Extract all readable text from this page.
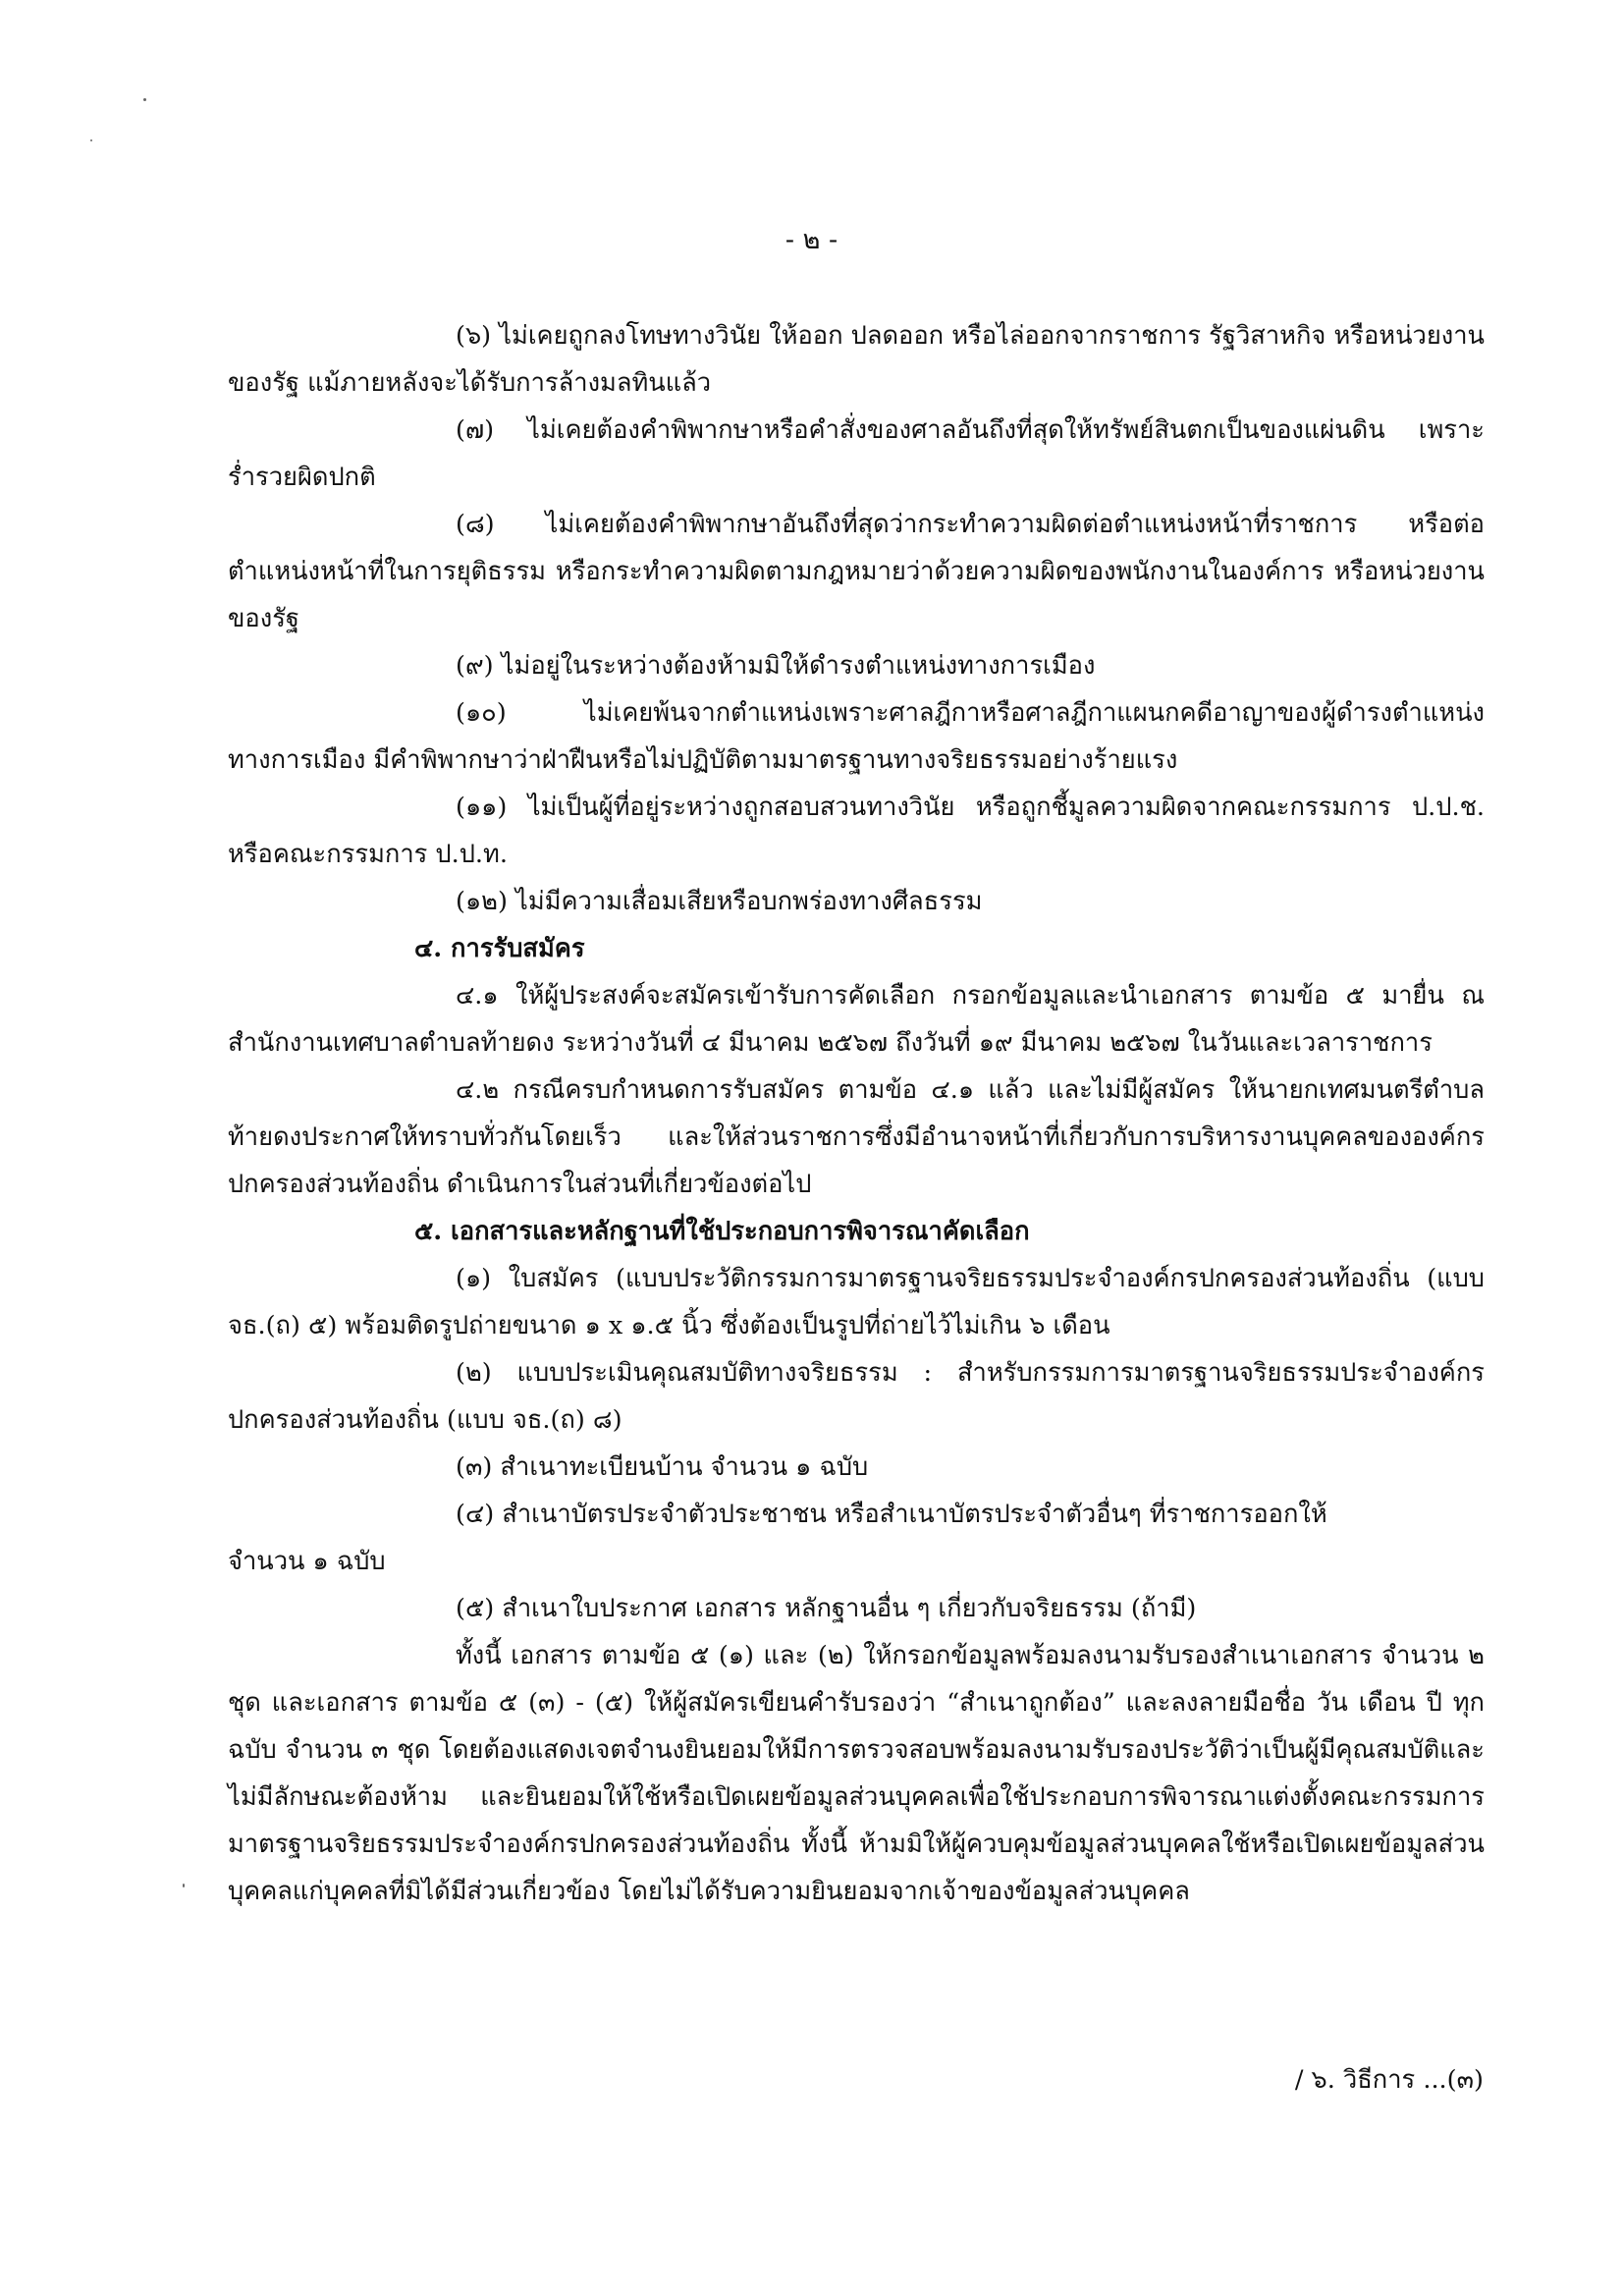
- ๒ -

(๖) ไม่เคยถูกลงโทษทางวินัย ให้ออก ปลดออก หรือไล่ออกจากราชการ รัฐวิสาหกิจ หรือหน่วยงานของรัฐ แม้ภายหลังจะได้รับการล้างมลทินแล้ว

(๗) ไม่เคยต้องคำพิพากษาหรือคำสั่งของศาลอันถึงที่สุดให้ทรัพย์สินตกเป็นของแผ่นดิน เพราะร่ำรวยผิดปกติ

(๘) ไม่เคยต้องคำพิพากษาอันถึงที่สุดว่ากระทำความผิดต่อตำแหน่งหน้าที่ราชการ หรือต่อตำแหน่งหน้าที่ในการยุติธรรม หรือกระทำความผิดตามกฎหมายว่าด้วยความผิดของพนักงานในองค์การ หรือหน่วยงานของรัฐ

(๙) ไม่อยู่ในระหว่างต้องห้ามมิให้ดำรงตำแหน่งทางการเมือง

(๑๐) ไม่เคยพ้นจากตำแหน่งเพราะศาลฎีกาหรือศาลฎีกาแผนกคดีอาญาของผู้ดำรงตำแหน่งทางการเมือง มีคำพิพากษาว่าฝ่าฝืนหรือไม่ปฏิบัติตามมาตรฐานทางจริยธรรมอย่างร้ายแรง

(๑๑) ไม่เป็นผู้ที่อยู่ระหว่างถูกสอบสวนทางวินัย หรือถูกชี้มูลความผิดจากคณะกรรมการ ป.ป.ช. หรือคณะกรรมการ ป.ป.ท.

(๑๒) ไม่มีความเสื่อมเสียหรือบกพร่องทางศีลธรรม

๔. การรับสมัคร

๔.๑ ให้ผู้ประสงค์จะสมัครเข้ารับการคัดเลือก กรอกข้อมูลและนำเอกสาร ตามข้อ ๕ มายื่น ณ สำนักงานเทศบาลตำบลท้ายดง ระหว่างวันที่ ๔ มีนาคม ๒๕๖๗ ถึงวันที่ ๑๙ มีนาคม ๒๕๖๗ ในวันและเวลาราชการ

๔.๒ กรณีครบกำหนดการรับสมัคร ตามข้อ ๔.๑ แล้ว และไม่มีผู้สมัคร ให้นายกเทศมนตรีตำบลท้ายดงประกาศให้ทราบทั่วกันโดยเร็ว และให้ส่วนราชการซึ่งมีอำนาจหน้าที่เกี่ยวกับการบริหารงานบุคคลขององค์กรปกครองส่วนท้องถิ่น ดำเนินการในส่วนที่เกี่ยวข้องต่อไป

๕. เอกสารและหลักฐานที่ใช้ประกอบการพิจารณาคัดเลือก

(๑) ใบสมัคร (แบบประวัติกรรมการมาตรฐานจริยธรรมประจำองค์กรปกครองส่วนท้องถิ่น (แบบ จธ.(ถ) ๕) พร้อมติดรูปถ่ายขนาด ๑ x ๑.๕ นิ้ว ซึ่งต้องเป็นรูปที่ถ่ายไว้ไม่เกิน ๖ เดือน

(๒) แบบประเมินคุณสมบัติทางจริยธรรม : สำหรับกรรมการมาตรฐานจริยธรรมประจำองค์กรปกครองส่วนท้องถิ่น (แบบ จธ.(ถ) ๘)

(๓) สำเนาทะเบียนบ้าน จำนวน ๑ ฉบับ

(๔) สำเนาบัตรประจำตัวประชาชน หรือสำเนาบัตรประจำตัวอื่นๆ ที่ราชการออกให้

จำนวน ๑ ฉบับ

(๕) สำเนาใบประกาศ เอกสาร หลักฐานอื่น ๆ เกี่ยวกับจริยธรรม (ถ้ามี)

ทั้งนี้ เอกสาร ตามข้อ ๕ (๑) และ (๒) ให้กรอกข้อมูลพร้อมลงนามรับรองสำเนาเอกสาร จำนวน ๒ ชุด และเอกสาร ตามข้อ ๕ (๓) - (๕) ให้ผู้สมัครเขียนคำรับรองว่า “สำเนาถูกต้อง” และลงลายมือชื่อ วัน เดือน ปี ทุกฉบับ จำนวน ๓ ชุด โดยต้องแสดงเจตจำนงยินยอมให้มีการตรวจสอบพร้อมลงนามรับรองประวัติว่าเป็นผู้มีคุณสมบัติและไม่มีลักษณะต้องห้าม และยินยอมให้ใช้หรือเปิดเผยข้อมูลส่วนบุคคลเพื่อใช้ประกอบการพิจารณาแต่งตั้งคณะกรรมการมาตรฐานจริยธรรมประจำองค์กรปกครองส่วนท้องถิ่น ทั้งนี้ ห้ามมิให้ผู้ควบคุมข้อมูลส่วนบุคคลใช้หรือเปิดเผยข้อมูลส่วนบุคคลแก่บุคคลที่มิได้มีส่วนเกี่ยวข้อง โดยไม่ได้รับความยินยอมจากเจ้าของข้อมูลส่วนบุคคล

/ ๖. วิธีการ ...(๓)
